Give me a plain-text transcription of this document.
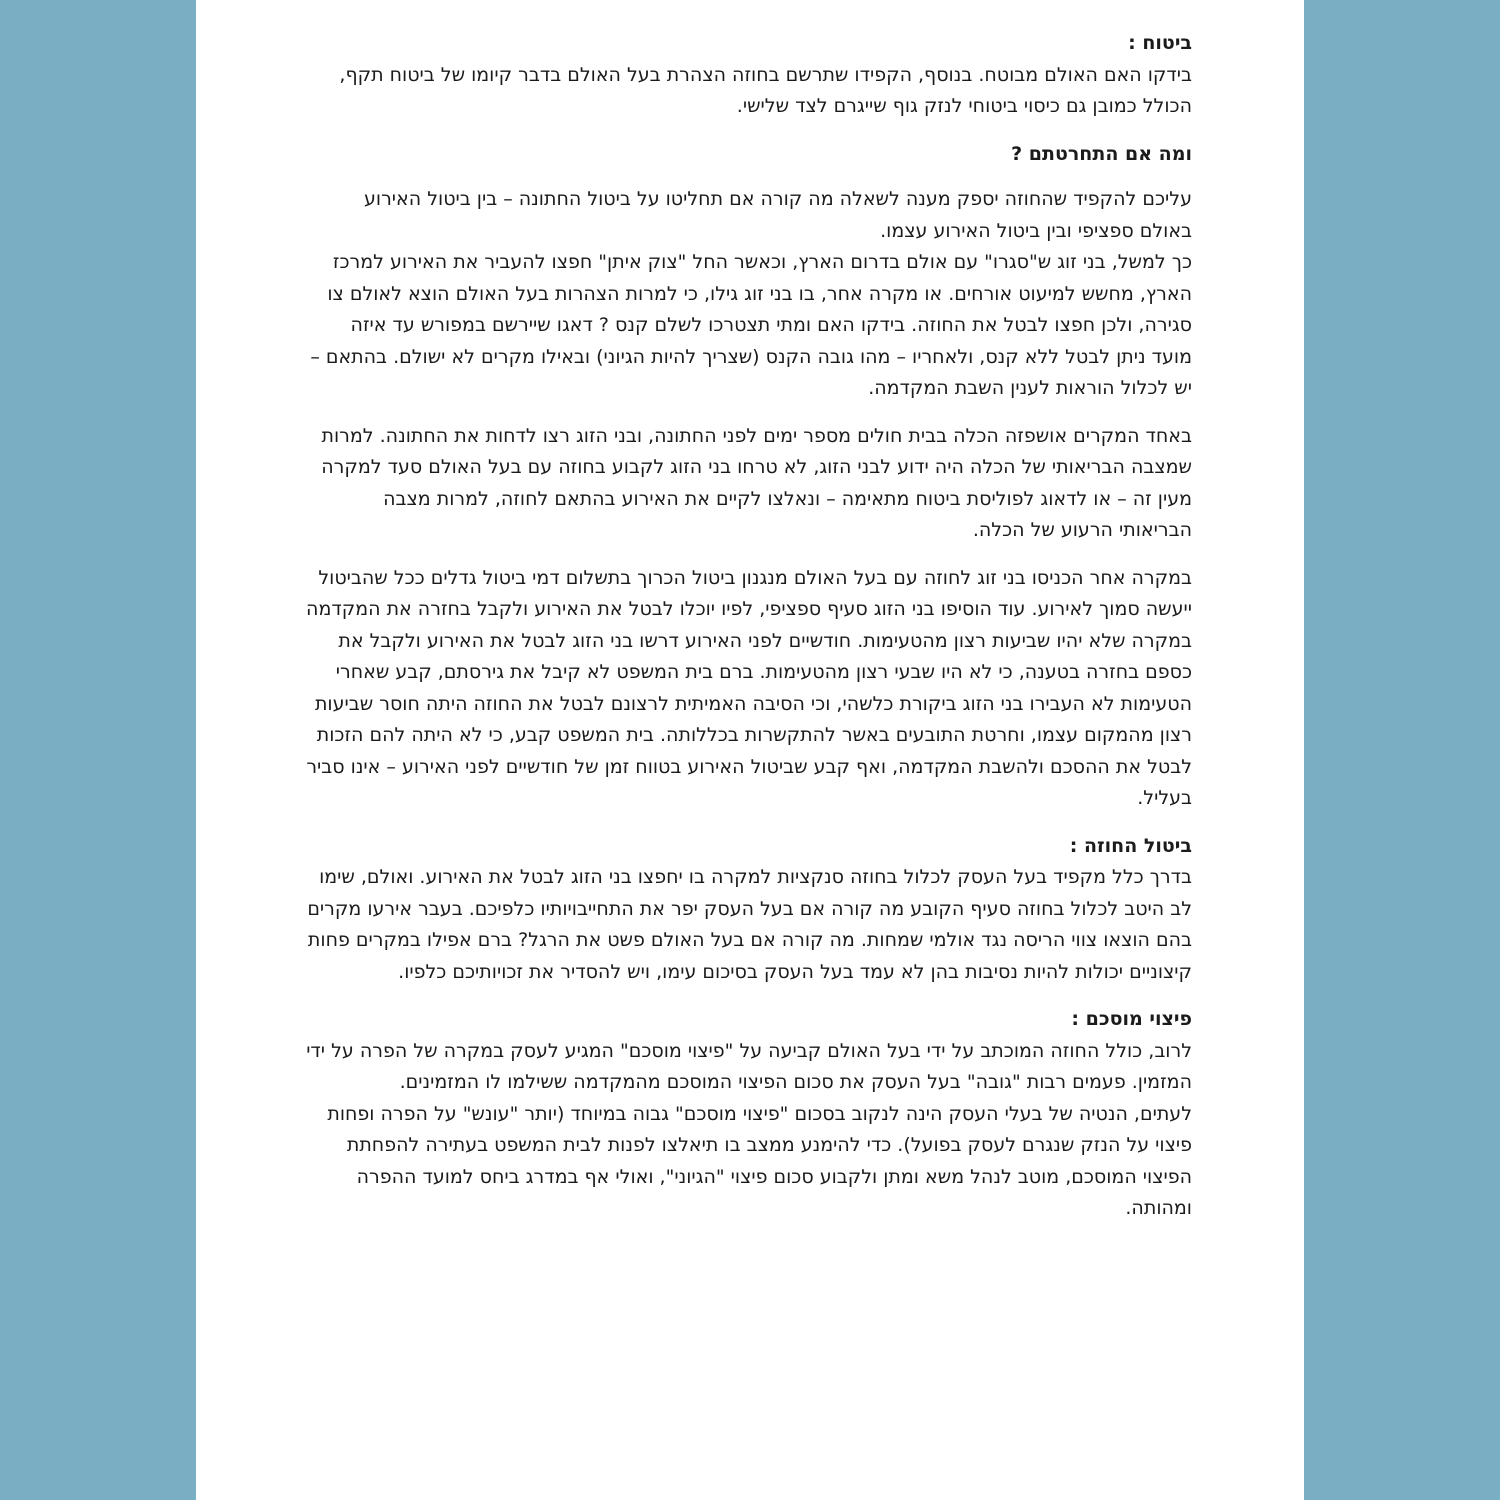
ביטוח :

בידקו האם האולם מבוטח. בנוסף, הקפידו שתרשם בחוזה הצהרת בעל האולם בדבר קיומו של ביטוח תקף, הכולל כמובן גם כיסוי ביטוחי לנזק גוף שייגרם לצד שלישי.

ומה אם התחרטתם ?

עליכם להקפיד שהחוזה יספק מענה לשאלה מה קורה אם תחליטו על ביטול החתונה – בין ביטול האירוע באולם ספציפי ובין ביטול האירוע עצמו.

כך למשל, בני זוג ש"סגרו" עם אולם בדרום הארץ, וכאשר החל "צוק איתן" חפצו להעביר את האירוע למרכז הארץ, מחשש למיעוט אורחים. או מקרה אחר, בו בני זוג גילו, כי למרות הצהרות בעל האולם הוצא לאולם צו סגירה, ולכן חפצו לבטל את החוזה. בידקו האם ומתי תצטרכו לשלם קנס ? דאגו שיירשם במפורש עד איזה מועד ניתן לבטל ללא קנס, ולאחריו – מהו גובה הקנס (שצריך להיות הגיוני) ובאילו מקרים לא ישולם. בהתאם – יש לכלול הוראות לענין השבת המקדמה.

באחד המקרים אושפזה הכלה בבית חולים מספר ימים לפני החתונה, ובני הזוג רצו לדחות את החתונה. למרות שמצבה הבריאותי של הכלה היה ידוע לבני הזוג, לא טרחו בני הזוג לקבוע בחוזה עם בעל האולם סעד למקרה מעין זה – או לדאוג לפוליסת ביטוח מתאימה – ונאלצו לקיים את האירוע בהתאם לחוזה, למרות מצבה הבריאותי הרעוע של הכלה.

במקרה אחר הכניסו בני זוג לחוזה עם בעל האולם מנגנון ביטול הכרוך בתשלום דמי ביטול גדלים ככל שהביטול ייעשה סמוך לאירוע. עוד הוסיפו בני הזוג סעיף ספציפי, לפיו יוכלו לבטל את האירוע ולקבל בחזרה את המקדמה במקרה שלא יהיו שביעות רצון מהטעימות. חודשיים לפני האירוע דרשו בני הזוג לבטל את האירוע ולקבל את כספם בחזרה בטענה, כי לא היו שבעי רצון מהטעימות. ברם בית המשפט לא קיבל את גירסתם, קבע שאחרי הטעימות לא העבירו בני הזוג ביקורת כלשהי, וכי הסיבה האמיתית לרצונם לבטל את החוזה היתה חוסר שביעות רצון מהמקום עצמו, וחרטת התובעים באשר להתקשרות בכללותה. בית המשפט קבע, כי לא היתה להם הזכות לבטל את ההסכם ולהשבת המקדמה, ואף קבע שביטול האירוע בטווח זמן של חודשיים לפני האירוע – אינו סביר בעליל.

ביטול החוזה :

בדרך כלל מקפיד בעל העסק לכלול בחוזה סנקציות למקרה בו יחפצו בני הזוג לבטל את האירוע. ואולם, שימו לב היטב לכלול בחוזה סעיף הקובע מה קורה אם בעל העסק יפר את התחייבויותיו כלפיכם. בעבר אירעו מקרים בהם הוצאו צווי הריסה נגד אולמי שמחות. מה קורה אם בעל האולם פשט את הרגל? ברם אפילו במקרים פחות קיצוניים יכולות להיות נסיבות בהן לא עמד בעל העסק בסיכום עימו, ויש להסדיר את זכויותיכם כלפיו.

פיצוי מוסכם :

לרוב, כולל החוזה המוכתב על ידי בעל האולם קביעה על "פיצוי מוסכם" המגיע לעסק במקרה של הפרה על ידי המזמין. פעמים רבות "גובה" בעל העסק את סכום הפיצוי המוסכם מהמקדמה ששילמו לו המזמינים.

לעתים, הנטיה של בעלי העסק הינה לנקוב בסכום "פיצוי מוסכם" גבוה במיוחד (יותר "עונש" על הפרה ופחות פיצוי על הנזק שנגרם לעסק בפועל). כדי להימנע ממצב בו תיאלצו לפנות לבית המשפט בעתירה להפחתת הפיצוי המוסכם, מוטב לנהל משא ומתן ולקבוע סכום פיצוי "הגיוני", ואולי אף במדרג ביחס למועד ההפרה ומהותה.
